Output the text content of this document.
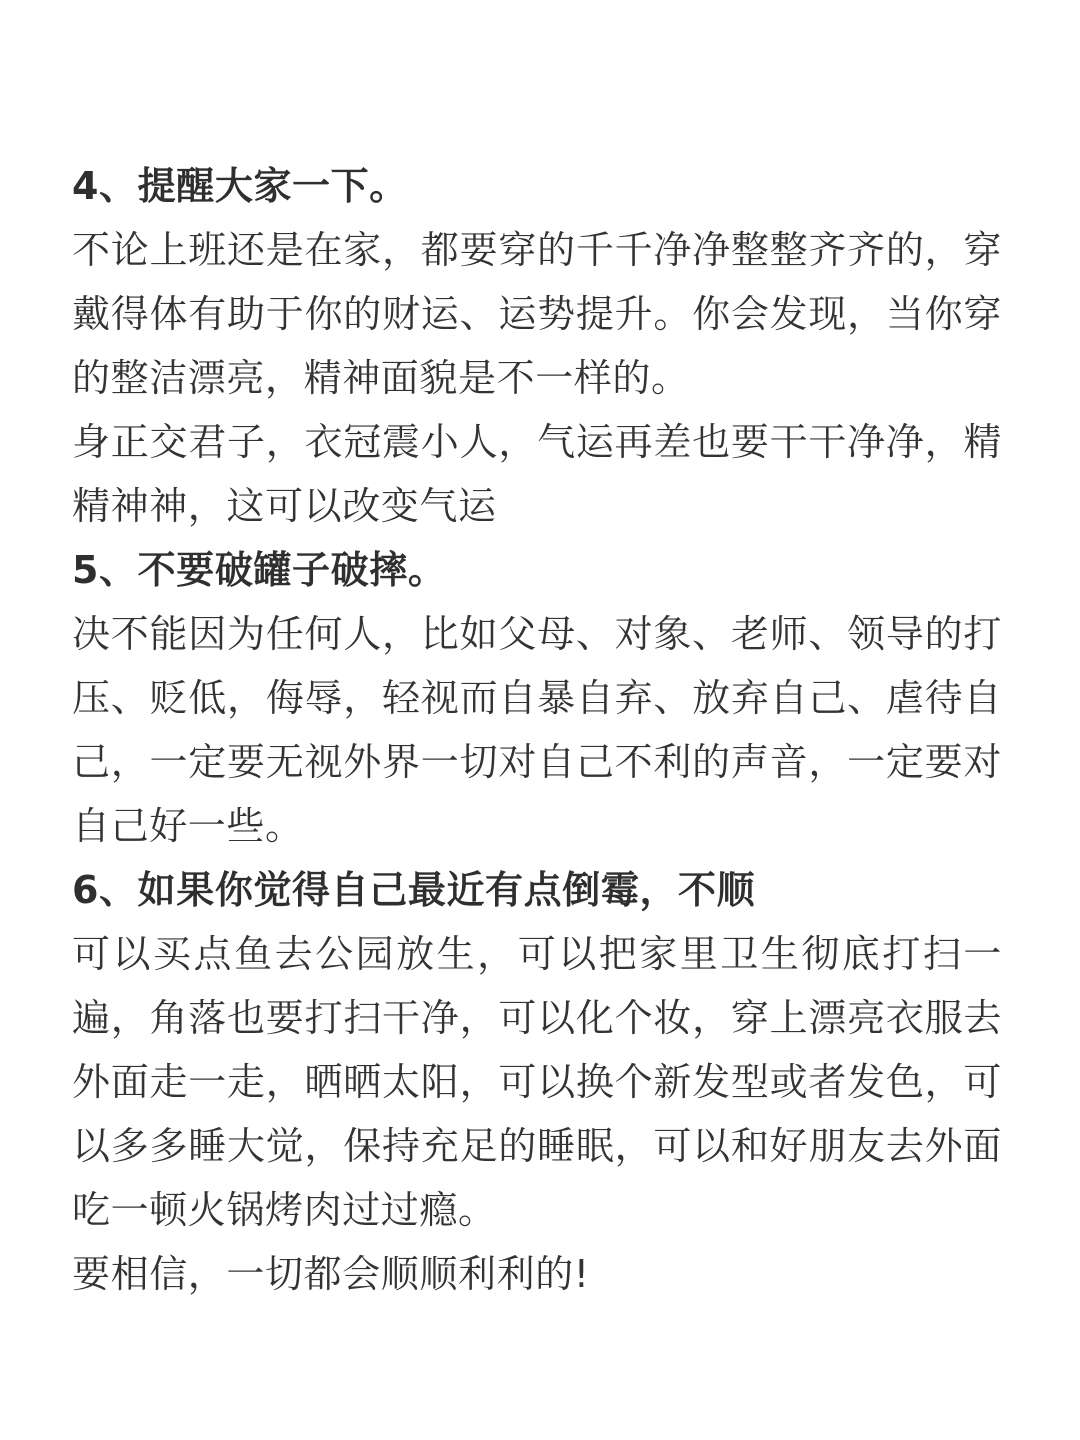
4、提醒大家一下。

不论上班还是在家，都要穿的千千净净整整齐齐的，穿戴得体有助于你的财运、运势提升。你会发现，当你穿的整洁漂亮，精神面貌是不一样的。

身正交君子，衣冠震小人，气运再差也要干干净净，精精神神，这可以改变气运

5、不要破罐子破摔。

决不能因为任何人，比如父母、对象、老师、领导的打压、贬低，侮辱，轻视而自暴自弃、放弃自己、虐待自己，一定要无视外界一切对自己不利的声音，一定要对自己好一些。

6、如果你觉得自己最近有点倒霉，不顺

可以买点鱼去公园放生，可以把家里卫生彻底打扫一遍，角落也要打扫干净，可以化个妆，穿上漂亮衣服去外面走一走，晒晒太阳，可以换个新发型或者发色，可以多多睡大觉，保持充足的睡眠，可以和好朋友去外面吃一顿火锅烤肉过过瘾。

要相信，一切都会顺顺利利的!
